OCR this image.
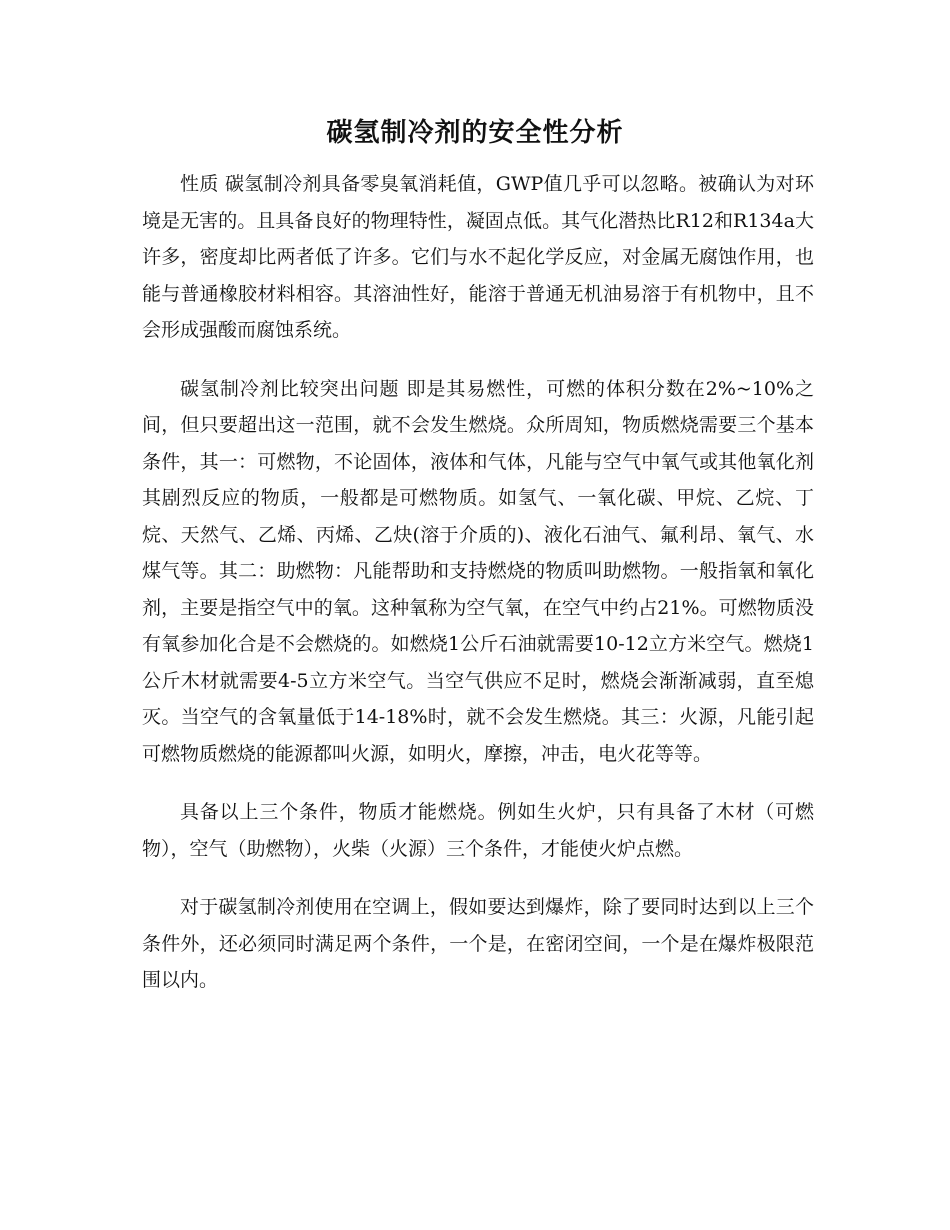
碳氢制冷剂的安全性分析

性质 碳氢制冷剂具备零臭氧消耗值，GWP值几乎可以忽略。被确认为对环境是无害的。且具备良好的物理特性，凝固点低。其气化潜热比R12和R134a大许多，密度却比两者低了许多。它们与水不起化学反应，对金属无腐蚀作用，也能与普通橡胶材料相容。其溶油性好，能溶于普通无机油易溶于有机物中，且不会形成强酸而腐蚀系统。

碳氢制冷剂比较突出问题 即是其易燃性，可燃的体积分数在2%~10%之间，但只要超出这一范围，就不会发生燃烧。众所周知，物质燃烧需要三个基本条件，其一：可燃物，不论固体，液体和气体，凡能与空气中氧气或其他氧化剂其剧烈反应的物质，一般都是可燃物质。如氢气、一氧化碳、甲烷、乙烷、丁烷、天然气、乙烯、丙烯、乙炔(溶于介质的)、液化石油气、氟利昂、氧气、水煤气等。其二：助燃物：凡能帮助和支持燃烧的物质叫助燃物。一般指氧和氧化剂，主要是指空气中的氧。这种氧称为空气氧，在空气中约占21%。可燃物质没有氧参加化合是不会燃烧的。如燃烧1公斤石油就需要10-12立方米空气。燃烧1公斤木材就需要4-5立方米空气。当空气供应不足时，燃烧会渐渐减弱，直至熄灭。当空气的含氧量低于14-18%时，就不会发生燃烧。其三：火源，凡能引起可燃物质燃烧的能源都叫火源，如明火，摩擦，冲击，电火花等等。

具备以上三个条件，物质才能燃烧。例如生火炉，只有具备了木材（可燃物），空气（助燃物），火柴（火源）三个条件，才能使火炉点燃。

对于碳氢制冷剂使用在空调上，假如要达到爆炸，除了要同时达到以上三个条件外，还必须同时满足两个条件，一个是，在密闭空间，一个是在爆炸极限范围以内。
